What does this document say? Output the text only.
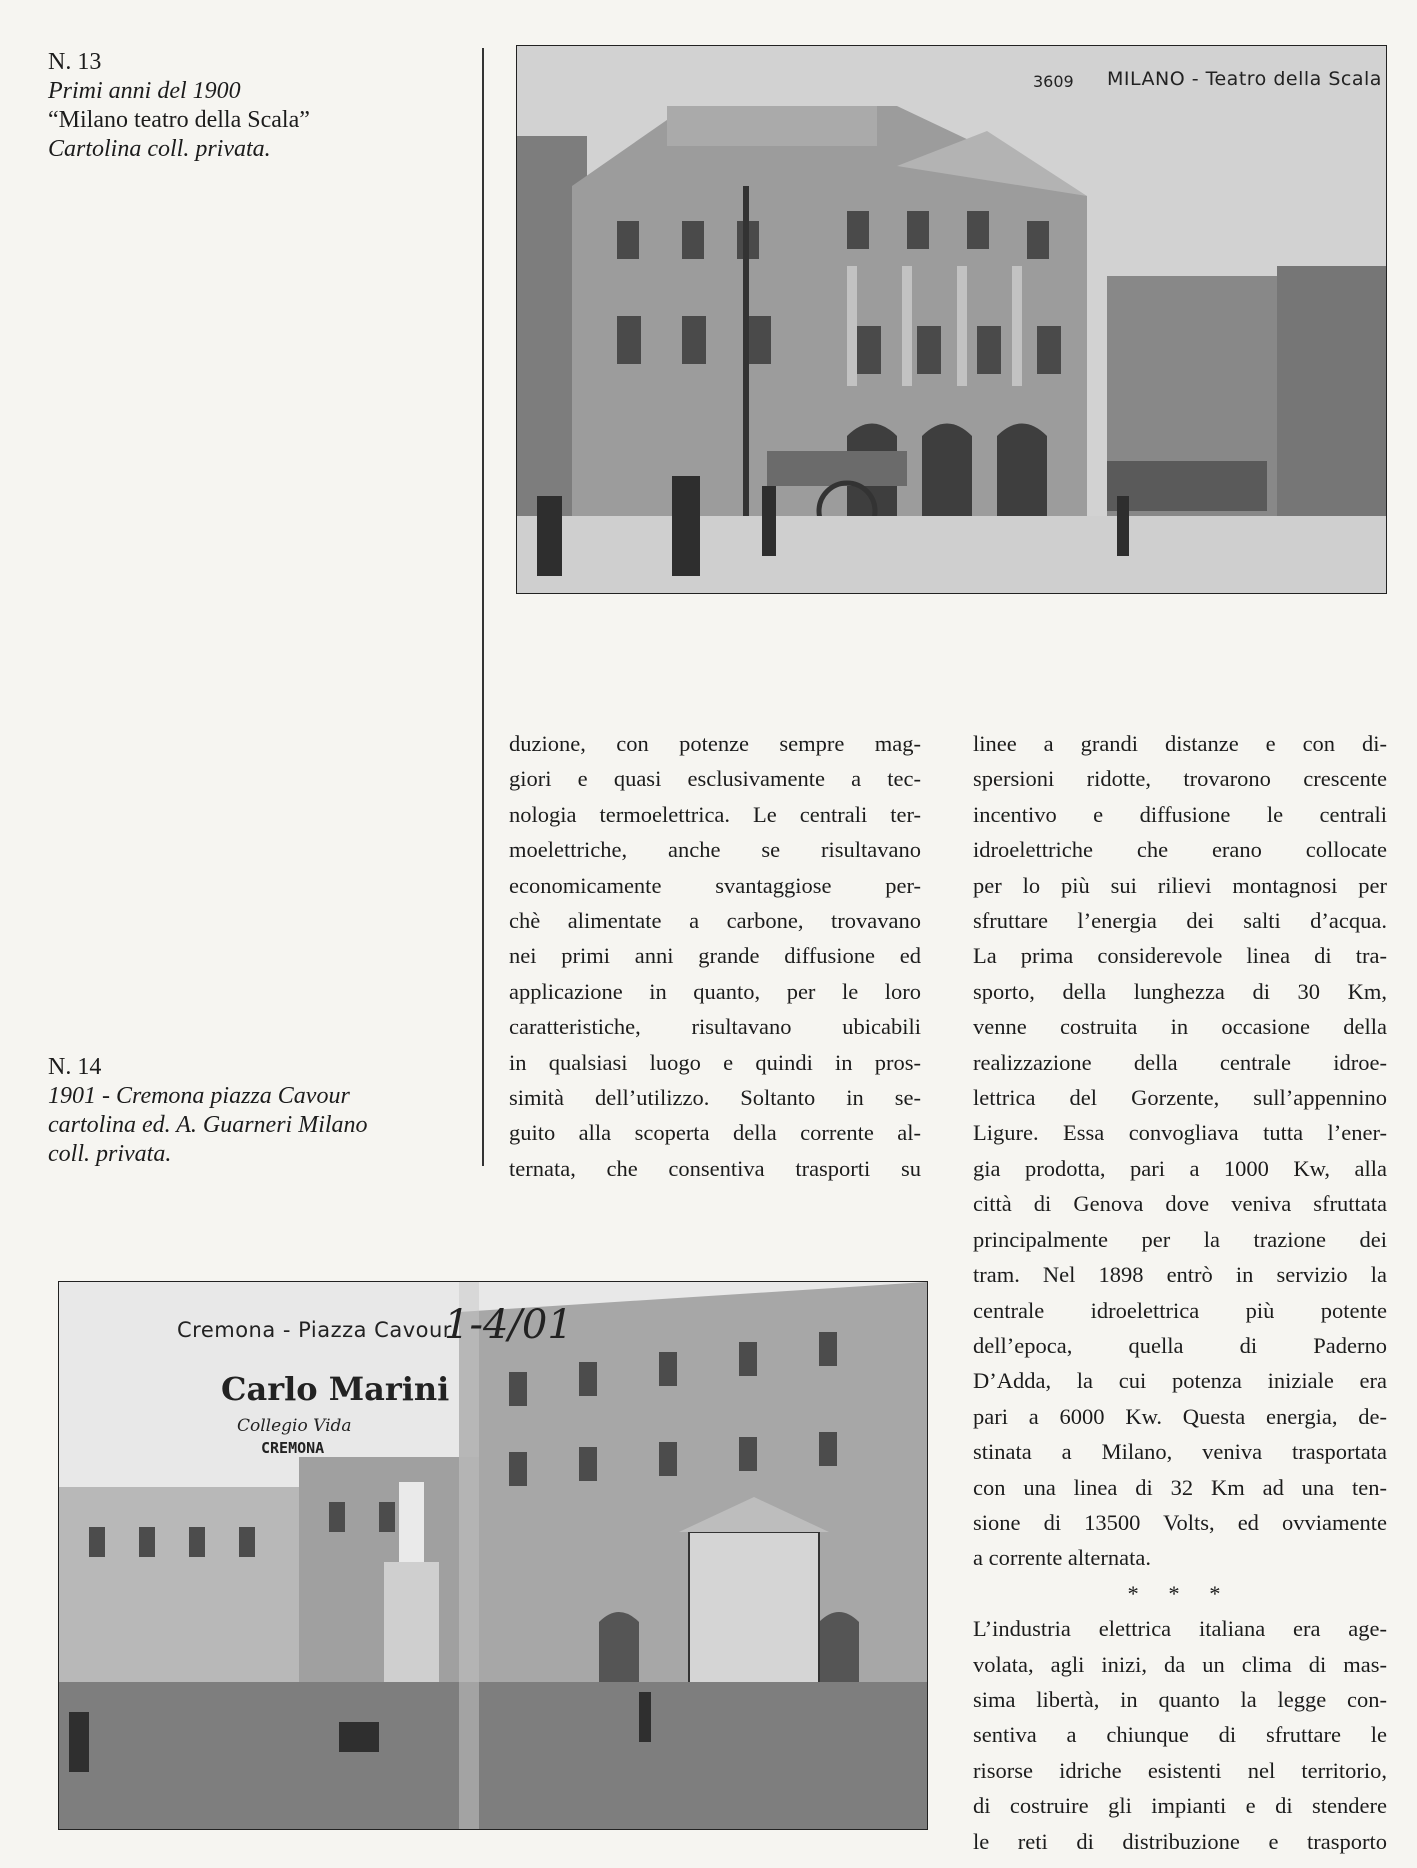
N. 13
Primi anni del 1900
“Milano teatro della Scala”
Cartolina coll. privata.
N. 14
1901 - Cremona piazza Cavour
cartolina ed. A. Guarneri Milano
coll. privata.
3609 MILANO - Teatro della Scala
Cremona - Piazza Cavour.
1-4/01
Carlo Marini
Collegio Vida
CREMONA
duzione, con potenze sempre mag-
giori e quasi esclusivamente a tec-
nologia termoelettrica. Le centrali ter-
moelettriche, anche se risultavano
economicamente svantaggiose per-
chè alimentate a carbone, trovavano
nei primi anni grande diffusione ed
applicazione in quanto, per le loro
caratteristiche, risultavano ubicabili
in qualsiasi luogo e quindi in pros-
simità dell’utilizzo. Soltanto in se-
guito alla scoperta della corrente al-
ternata, che consentiva trasporti su
linee a grandi distanze e con di-
spersioni ridotte, trovarono crescente
incentivo e diffusione le centrali
idroelettriche che erano collocate
per lo più sui rilievi montagnosi per
sfruttare l’energia dei salti d’acqua.
La prima considerevole linea di tra-
sporto, della lunghezza di 30 Km,
venne costruita in occasione della
realizzazione della centrale idroe-
lettrica del Gorzente, sull’appennino
Ligure. Essa convogliava tutta l’ener-
gia prodotta, pari a 1000 Kw, alla
città di Genova dove veniva sfruttata
principalmente per la trazione dei
tram. Nel 1898 entrò in servizio la
centrale idroelettrica più potente
dell’epoca, quella di Paderno
D’Adda, la cui potenza iniziale era
pari a 6000 Kw. Questa energia, de-
stinata a Milano, veniva trasportata
con una linea di 32 Km ad una ten-
sione di 13500 Volts, ed ovviamente
a corrente alternata.
* * *
L’industria elettrica italiana era age-
volata, agli inizi, da un clima di mas-
sima libertà, in quanto la legge con-
sentiva a chiunque di sfruttare le
risorse idriche esistenti nel territorio,
di costruire gli impianti e di stendere
le reti di distribuzione e trasporto
